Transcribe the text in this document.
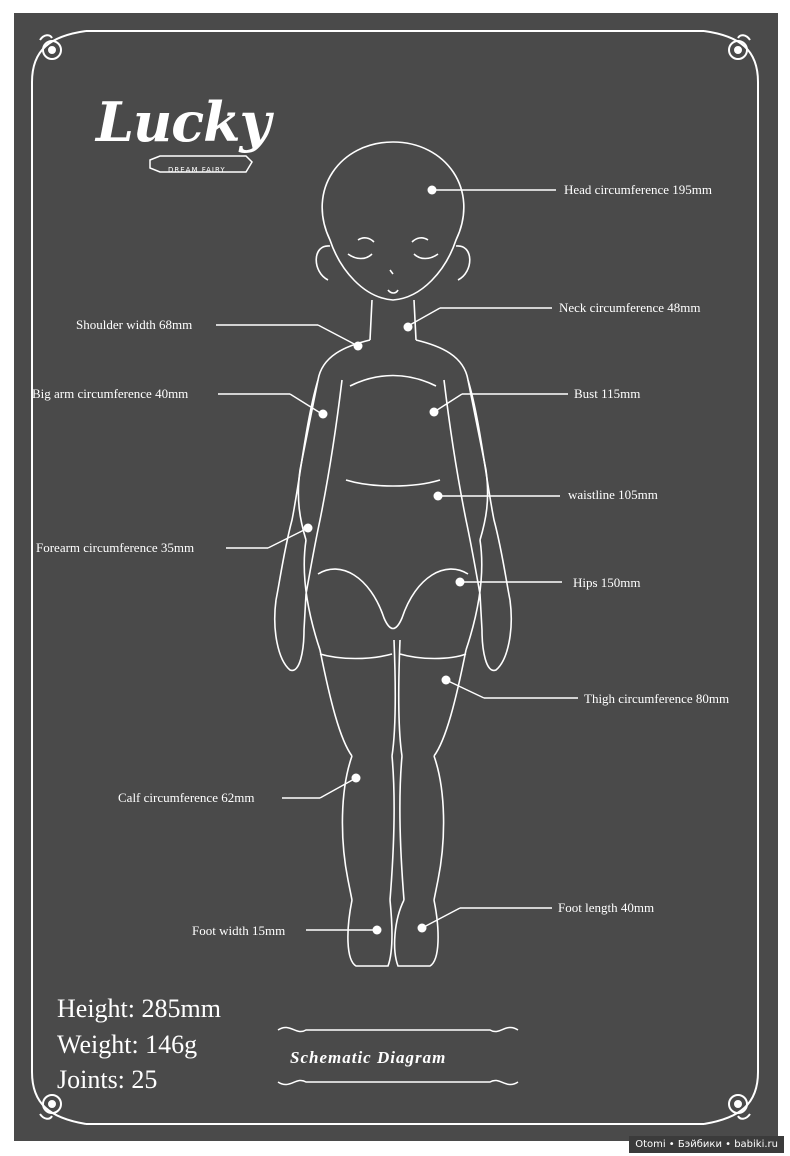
Lucky
DREAM FAIRY
Head circumference 195mm
Neck circumference 48mm
Shoulder width 68mm
Big arm circumference 40mm	Bust 115mm
waistline 105mm
Forearm circumference 35mm
Hips 150mm
Thigh circumference 80mm
Calf circumference 62mm
Foot length 40mm
Foot width 15mm
Height: 285mm
Weight: 146g
Joints: 25
Schematic Diagram
Otomi • Бэйбики • babiki.ru
